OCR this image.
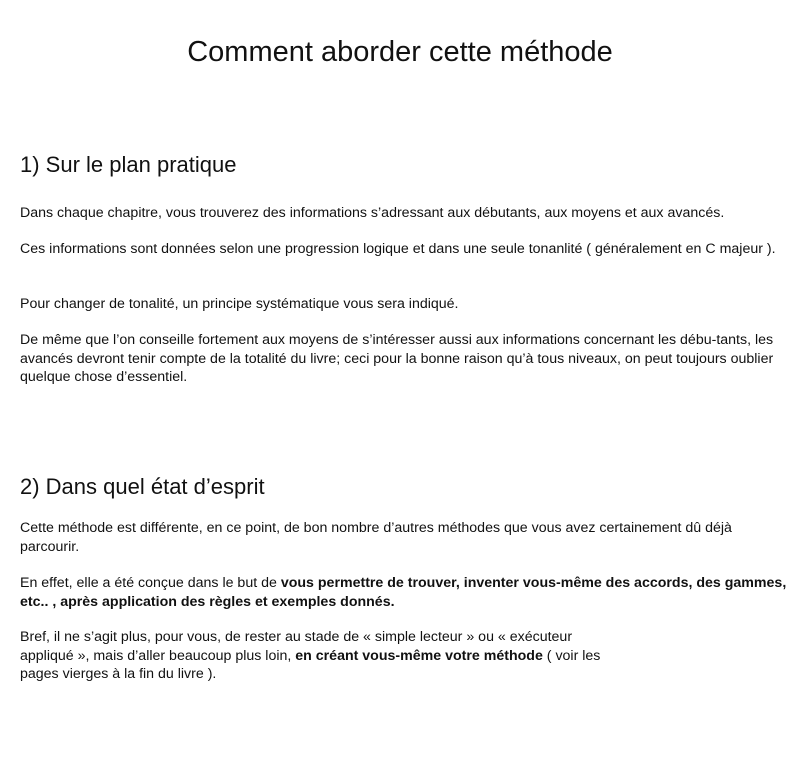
Comment aborder cette méthode
1) Sur le plan pratique

Dans chaque chapitre, vous trouverez des informations s’adressant aux débutants, aux moyens et aux avancés.

Ces informations sont données selon une progression logique et dans une seule tonanlité ( généralement en C majeur ).

Pour changer de tonalité, un principe systématique vous sera indiqué.

De même que l’on conseille fortement aux moyens de s’intéresser aussi aux informations concernant les débu-tants, les avancés devront tenir compte de la totalité du livre; ceci pour la bonne raison qu’à tous niveaux, on peut toujours oublier quelque chose d’essentiel.

2) Dans quel état d’esprit

Cette méthode est différente, en ce point, de bon nombre d’autres méthodes que vous avez certainement dû déjà parcourir.

En effet, elle a été conçue dans le but de vous permettre de trouver, inventer vous-même des accords, des gammes, etc.. , après application des règles et exemples donnés.

Bref, il ne s’agit plus, pour vous, de rester au stade de « simple lecteur » ou « exécuteur
appliqué », mais d’aller beaucoup plus loin, en créant vous-même votre méthode ( voir les
pages vierges à la fin du livre ).
